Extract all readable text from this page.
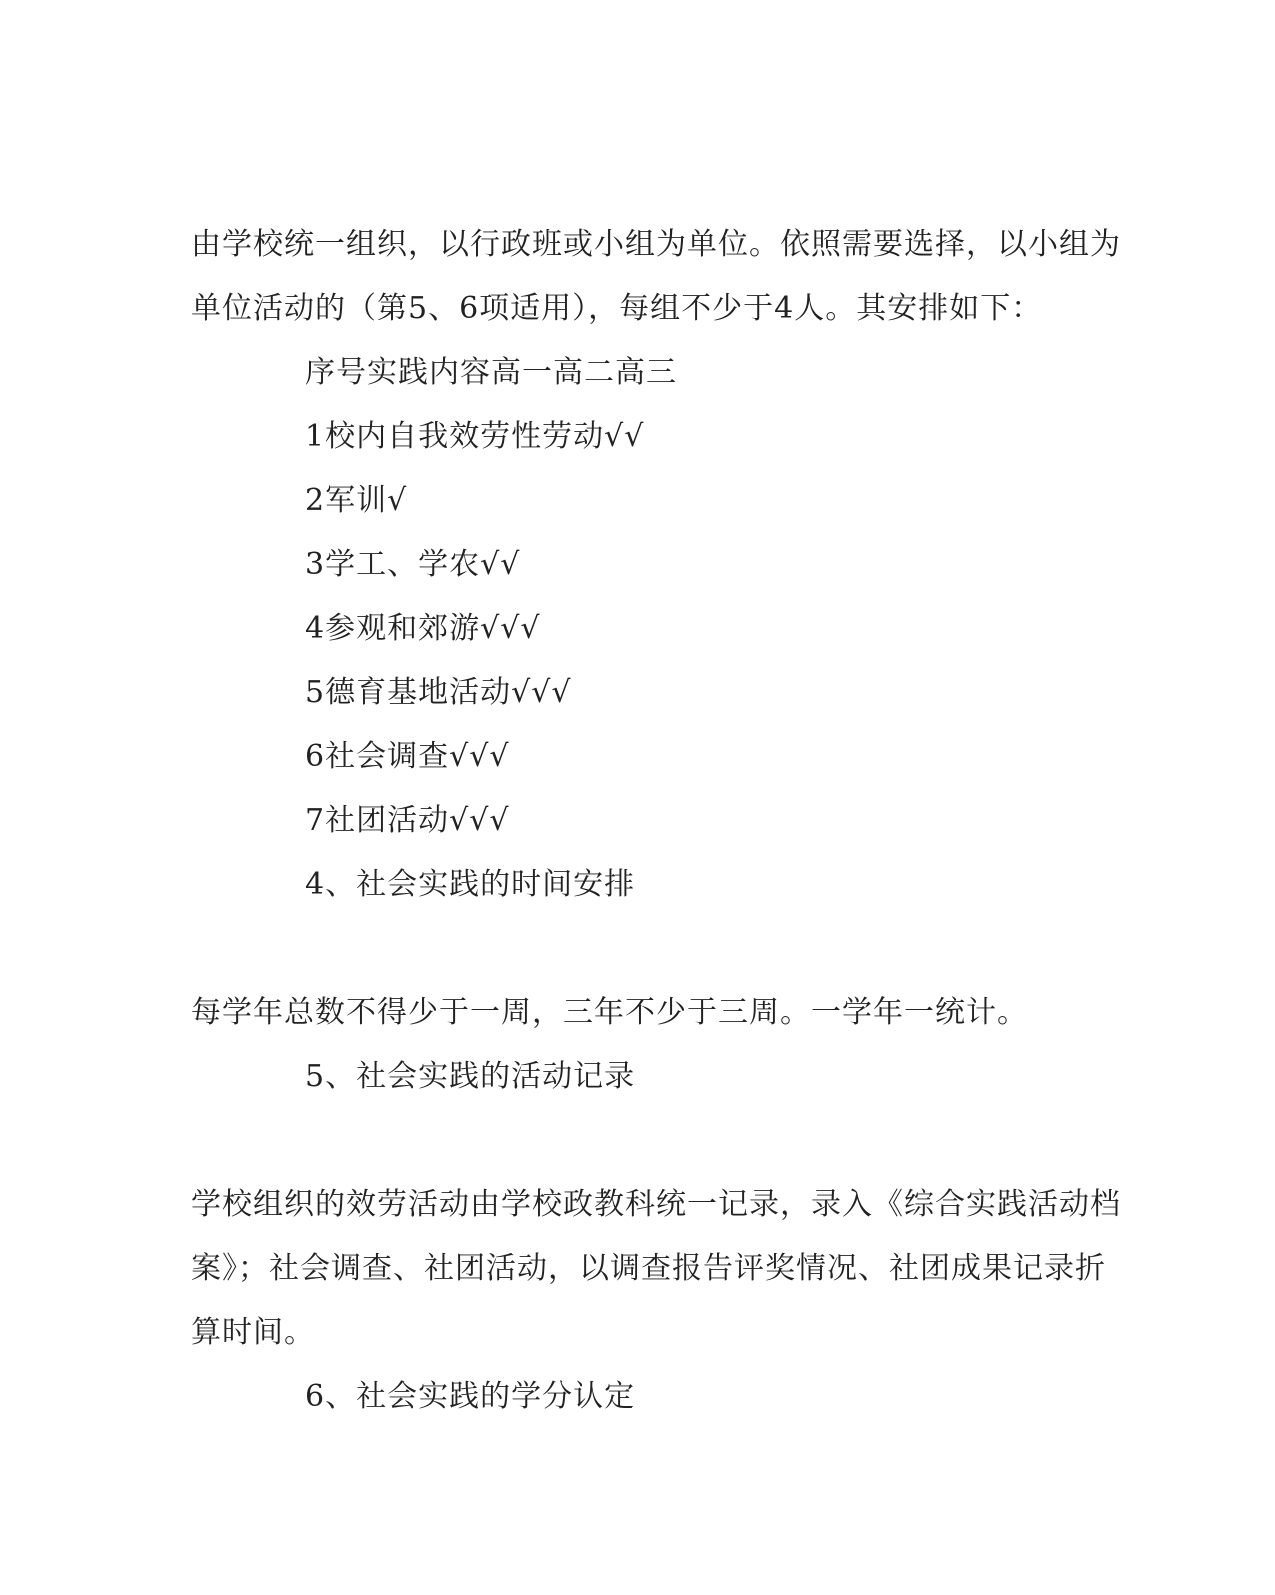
由学校统一组织，以行政班或小组为单位。依照需要选择，以小组为
单位活动的（第5、6项适用），每组不少于4人。其安排如下：
序号实践内容高一高二高三
1校内自我效劳性劳动√√
2军训√
3学工、学农√√
4参观和郊游√√√
5德育基地活动√√√
6社会调查√√√
7社团活动√√√
4、社会实践的时间安排
每学年总数不得少于一周，三年不少于三周。一学年一统计。
5、社会实践的活动记录
学校组织的效劳活动由学校政教科统一记录，录入《综合实践活动档
案》；社会调查、社团活动，以调查报告评奖情况、社团成果记录折
算时间。
6、社会实践的学分认定
